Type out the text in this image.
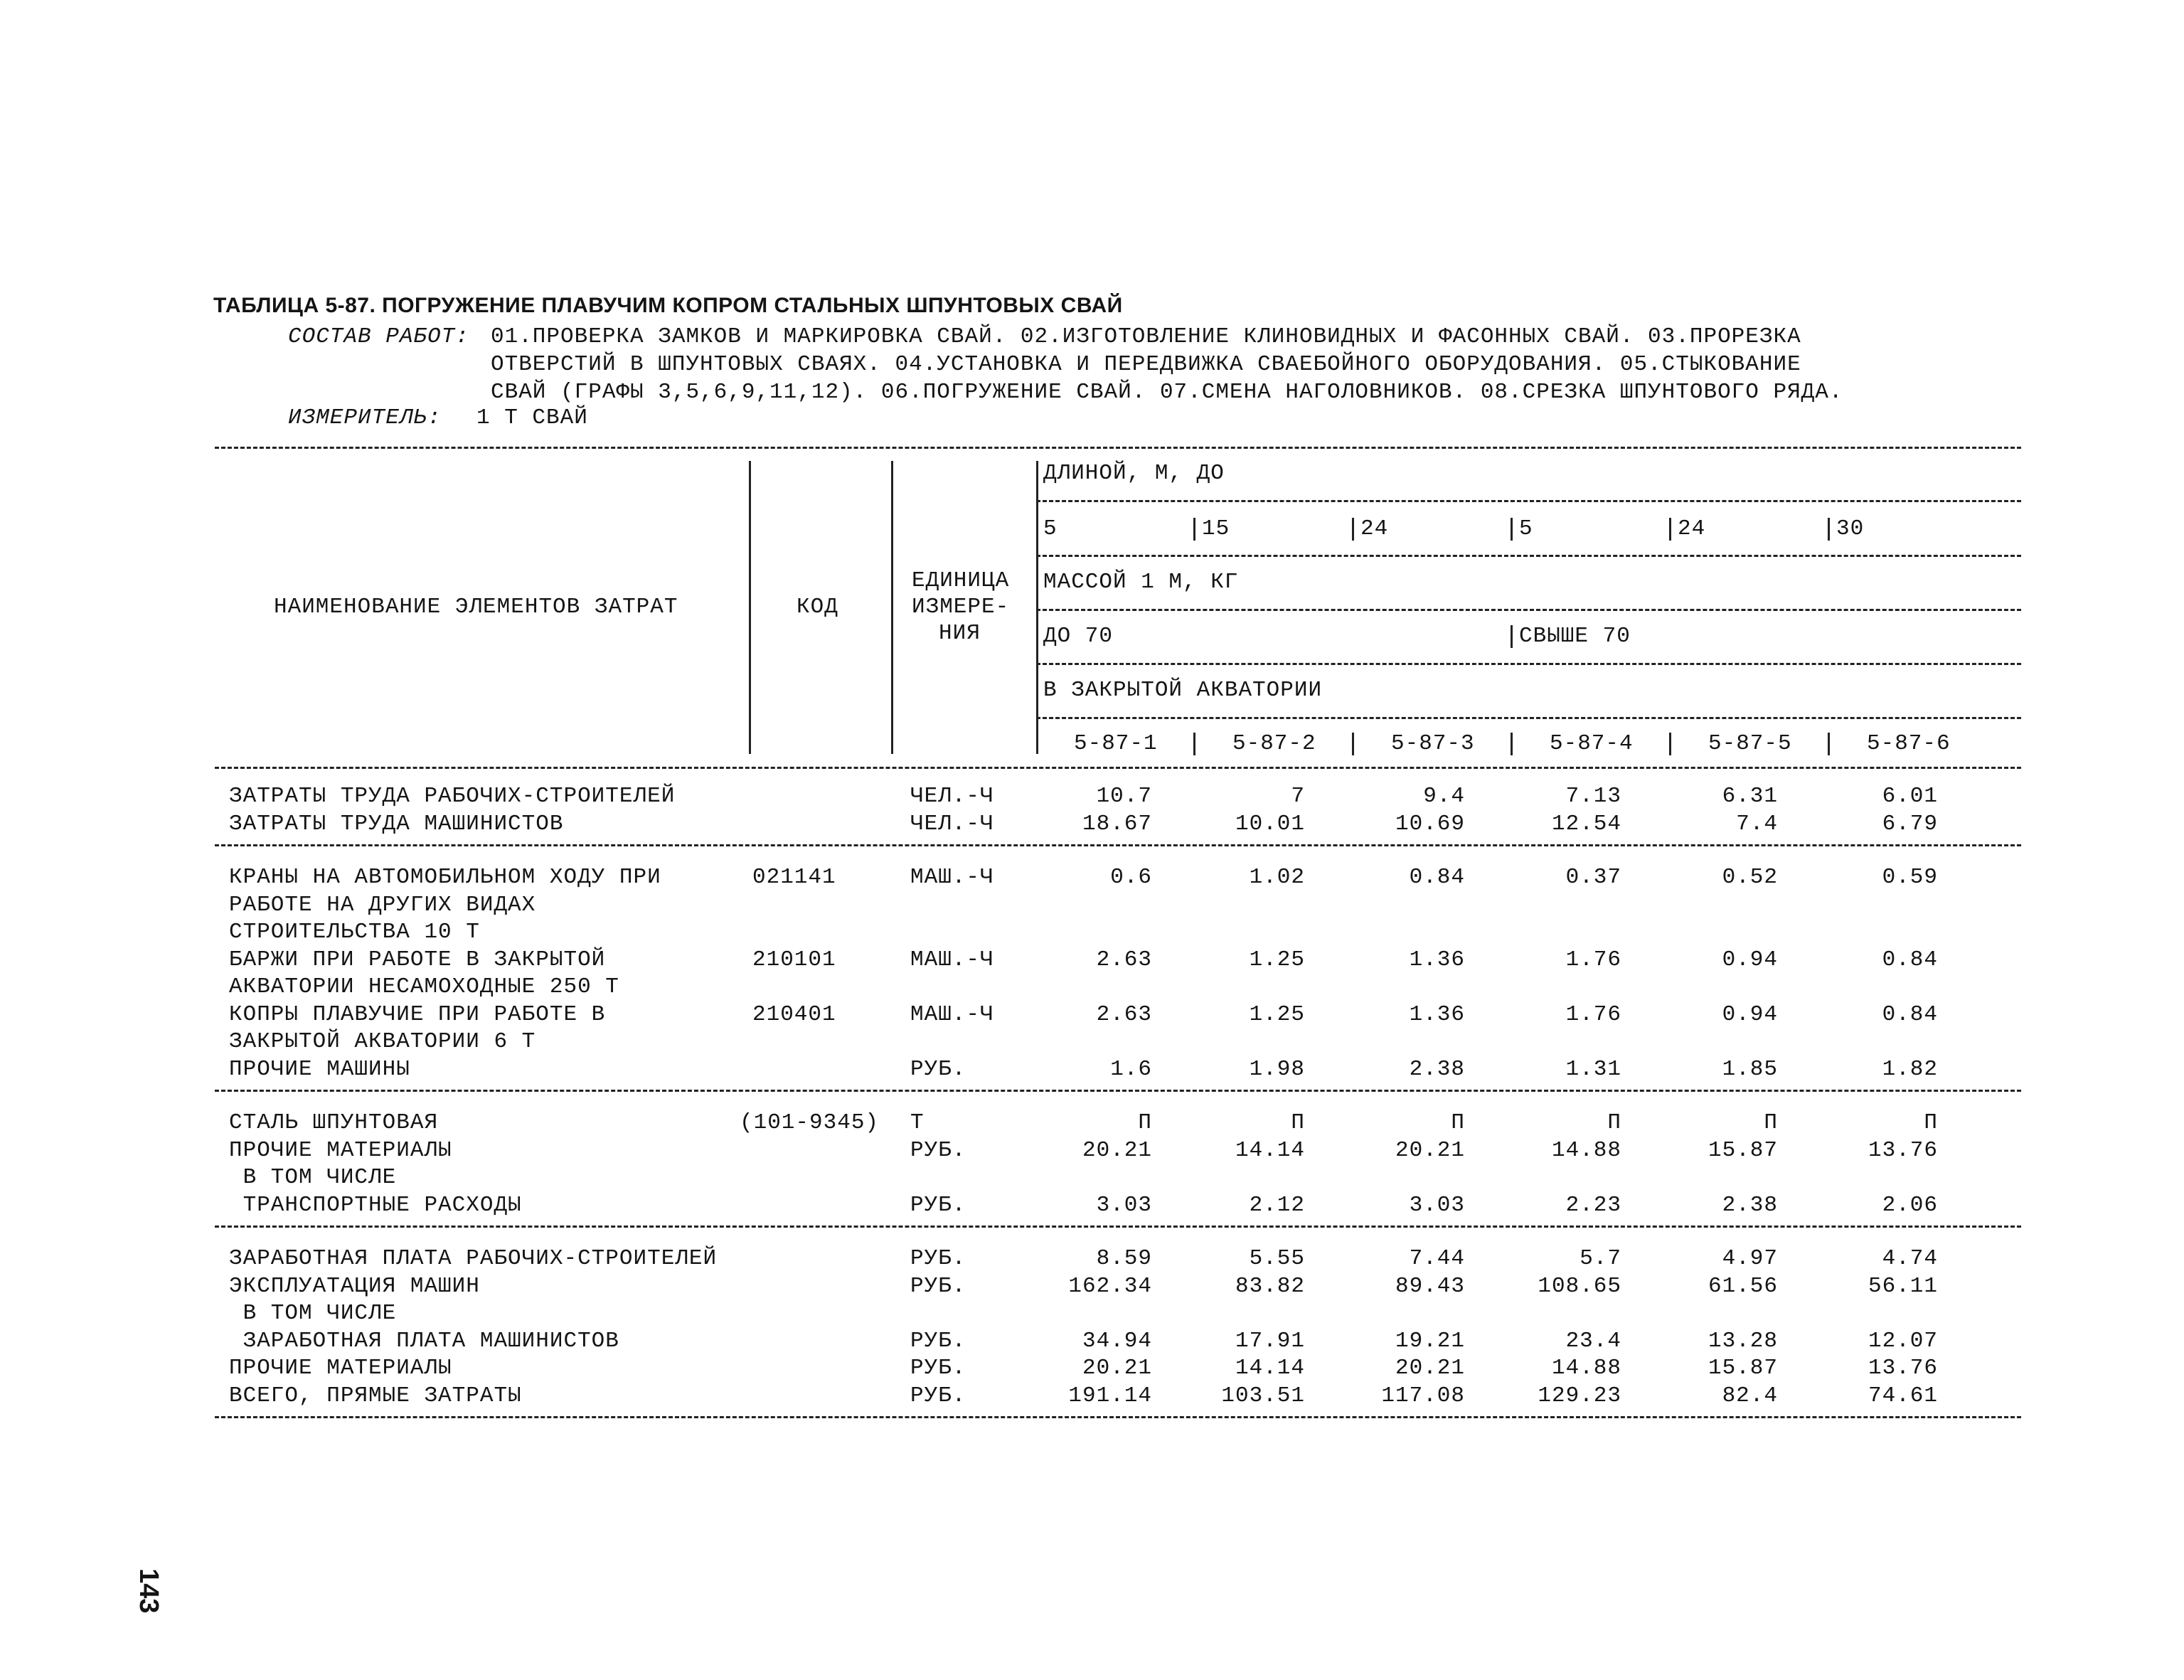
ТАБЛИЦА 5-87. ПОГРУЖЕНИЕ ПЛАВУЧИМ КОПРОМ СТАЛЬНЫХ ШПУНТОВЫХ СВАЙ
СОСТАВ РАБОТ: 01.ПРОВЕРКА ЗАМКОВ И МАРКИРОВКА СВАЙ. 02.ИЗГОТОВЛЕНИЕ КЛИНОВИДНЫХ И ФАСОННЫХ СВАЙ. 03.ПРОРЕЗКА
ОТВЕРСТИЙ В ШПУНТОВЫХ СВАЯХ. 04.УСТАНОВКА И ПЕРЕДВИЖКА СВАЕБОЙНОГО ОБОРУДОВАНИЯ. 05.СТЫКОВАНИЕ
СВАЙ (ГРАФЫ 3,5,6,9,11,12). 06.ПОГРУЖЕНИЕ СВАЙ. 07.СМЕНА НАГОЛОВНИКОВ. 08.СРЕЗКА ШПУНТОВОГО РЯДА.
ИЗМЕРИТЕЛЬ: 1 Т СВАЙ
НАИМЕНОВАНИЕ ЭЛЕМЕНТОВ ЗАТРАТ	КОД
ЕДИНИЦА
ИЗМЕРЕ-
НИЯ
ДЛИНОЙ, М, ДО
5	15	24	5	24	30
МАССОЙ 1 М, КГ
ДО 70	СВЫШЕ 70
В ЗАКРЫТОЙ АКВАТОРИИ
5-87-1	5-87-2	5-87-3	5-87-4	5-87-5	5-87-6
ЗАТРАТЫ ТРУДА РАБОЧИХ-СТРОИТЕЛЕЙ	ЧЕЛ.-Ч	10.7	7	9.4	7.13	6.31	6.01
ЗАТРАТЫ ТРУДА МАШИНИСТОВ	ЧЕЛ.-Ч	18.67	10.01	10.69	12.54	7.4	6.79
КРАНЫ НА АВТОМОБИЛЬНОМ ХОДУ ПРИ
РАБОТЕ НА ДРУГИХ ВИДАХ
СТРОИТЕЛЬСТВА 10 Т
021141	МАШ.-Ч	0.6	1.02	0.84	0.37	0.52	0.59
БАРЖИ ПРИ РАБОТЕ В ЗАКРЫТОЙ
АКВАТОРИИ НЕСАМОХОДНЫЕ 250 Т
210101	МАШ.-Ч	2.63	1.25	1.36	1.76	0.94	0.84
КОПРЫ ПЛАВУЧИЕ ПРИ РАБОТЕ В
ЗАКРЫТОЙ АКВАТОРИИ 6 Т
210401	МАШ.-Ч	2.63	1.25	1.36	1.76	0.94	0.84
ПРОЧИЕ МАШИНЫ	РУБ.	1.6	1.98	2.38	1.31	1.85	1.82
СТАЛЬ ШПУНТОВАЯ	(101-9345) Т	П	П	П	П	П	П
ПРОЧИЕ МАТЕРИАЛЫ	РУБ.	20.21	14.14	20.21	14.88	15.87	13.76
В ТОМ ЧИСЛЕ
ТРАНСПОРТНЫЕ РАСХОДЫ	РУБ.	3.03	2.12	3.03	2.23	2.38	2.06
ЗАРАБОТНАЯ ПЛАТА РАБОЧИХ-СТРОИТЕЛЕЙ	РУБ.	8.59	5.55	7.44	5.7	4.97	4.74
ЭКСПЛУАТАЦИЯ МАШИН	РУБ.	162.34	83.82	89.43	108.65	61.56	56.11
В ТОМ ЧИСЛЕ
ЗАРАБОТНАЯ ПЛАТА МАШИНИСТОВ	РУБ.	34.94	17.91	19.21	23.4	13.28	12.07
ПРОЧИЕ МАТЕРИАЛЫ	РУБ.	20.21	14.14	20.21	14.88	15.87	13.76
ВСЕГО, ПРЯМЫЕ ЗАТРАТЫ	РУБ.	191.14	103.51	117.08	129.23	82.4	74.61
143
